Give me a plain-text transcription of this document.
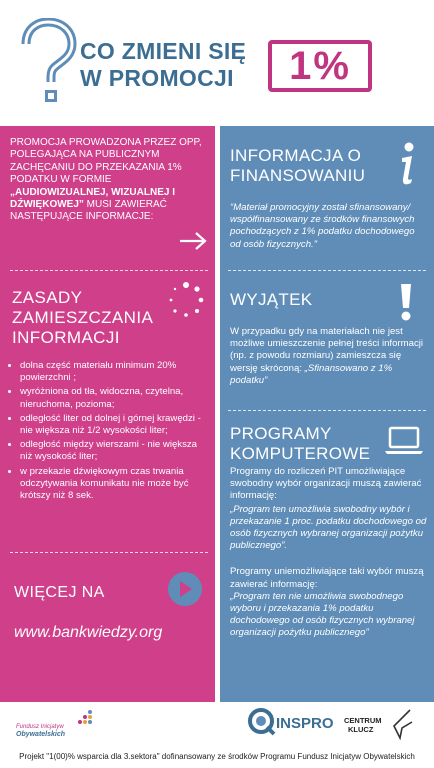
CO ZMIENI SIĘ
W PROMOCJI	1%
PROMOCJA PROWADZONA PRZEZ OPP, POLEGAJĄCA NA PUBLICZNYM ZACHĘCANIU DO PRZEKAZANIA 1% PODATKU W FORMIE „AUDIOWIZUALNEJ, WIZUALNEJ I DŹWIĘKOWEJ” MUSI ZAWIERAĆ NASTĘPUJĄCE INFORMACJE:
ZASADY ZAMIESZCZANIA INFORMACJI
• dolna część materiału minimum 20% powierzchni ;
• wyróżniona od tła, widoczna, czytelna, nieruchoma, pozioma;
• odległość liter od dolnej i górnej krawędzi - nie większa niż 1/2 wysokości liter;
• odległość między wierszami - nie większa niż wysokość liter;
• w przekazie dźwiękowym czas trwania odczytywania komunikatu nie może być krótszy niż 8 sek.
WIĘCEJ NA
www.bankwiedzy.org
INFORMACJA O FINANSOWANIU
“Materiał promocyjny został sfinansowany/ współfinansowany ze środków finansowych pochodzących z 1% podatku dochodowego od osób fizycznych.”
WYJĄTEK
W przypadku gdy na materiałach nie jest możliwe umieszczenie pełnej treści informacji (np. z powodu rozmiaru) zamieszcza się wersję skróconą: „Sfinansowano z 1% podatku”
PROGRAMY KOMPUTEROWE
Programy do rozliczeń PIT umożliwiające swobodny wybór organizacji muszą zawierać informację:
„Program ten umożliwia swobodny wybór i przekazanie 1 proc. podatku dochodowego od osób fizycznych wybranej organizacji pożytku publicznego”.
Programy uniemożliwiające taki wybór muszą zawierać informację:
„Program ten nie umożliwia swobodnego wyboru i przekazania 1% podatku dochodowego od osób fizycznych wybranej organizacji pożytku publicznego”
Fundusz Inicjatyw
Obywatelskich
INSPRO CENTRUM
KLUCZ
Projekt "1(00)% wsparcia dla 3.sektora" dofinansowany ze środków Programu Fundusz Inicjatyw Obywatelskich
